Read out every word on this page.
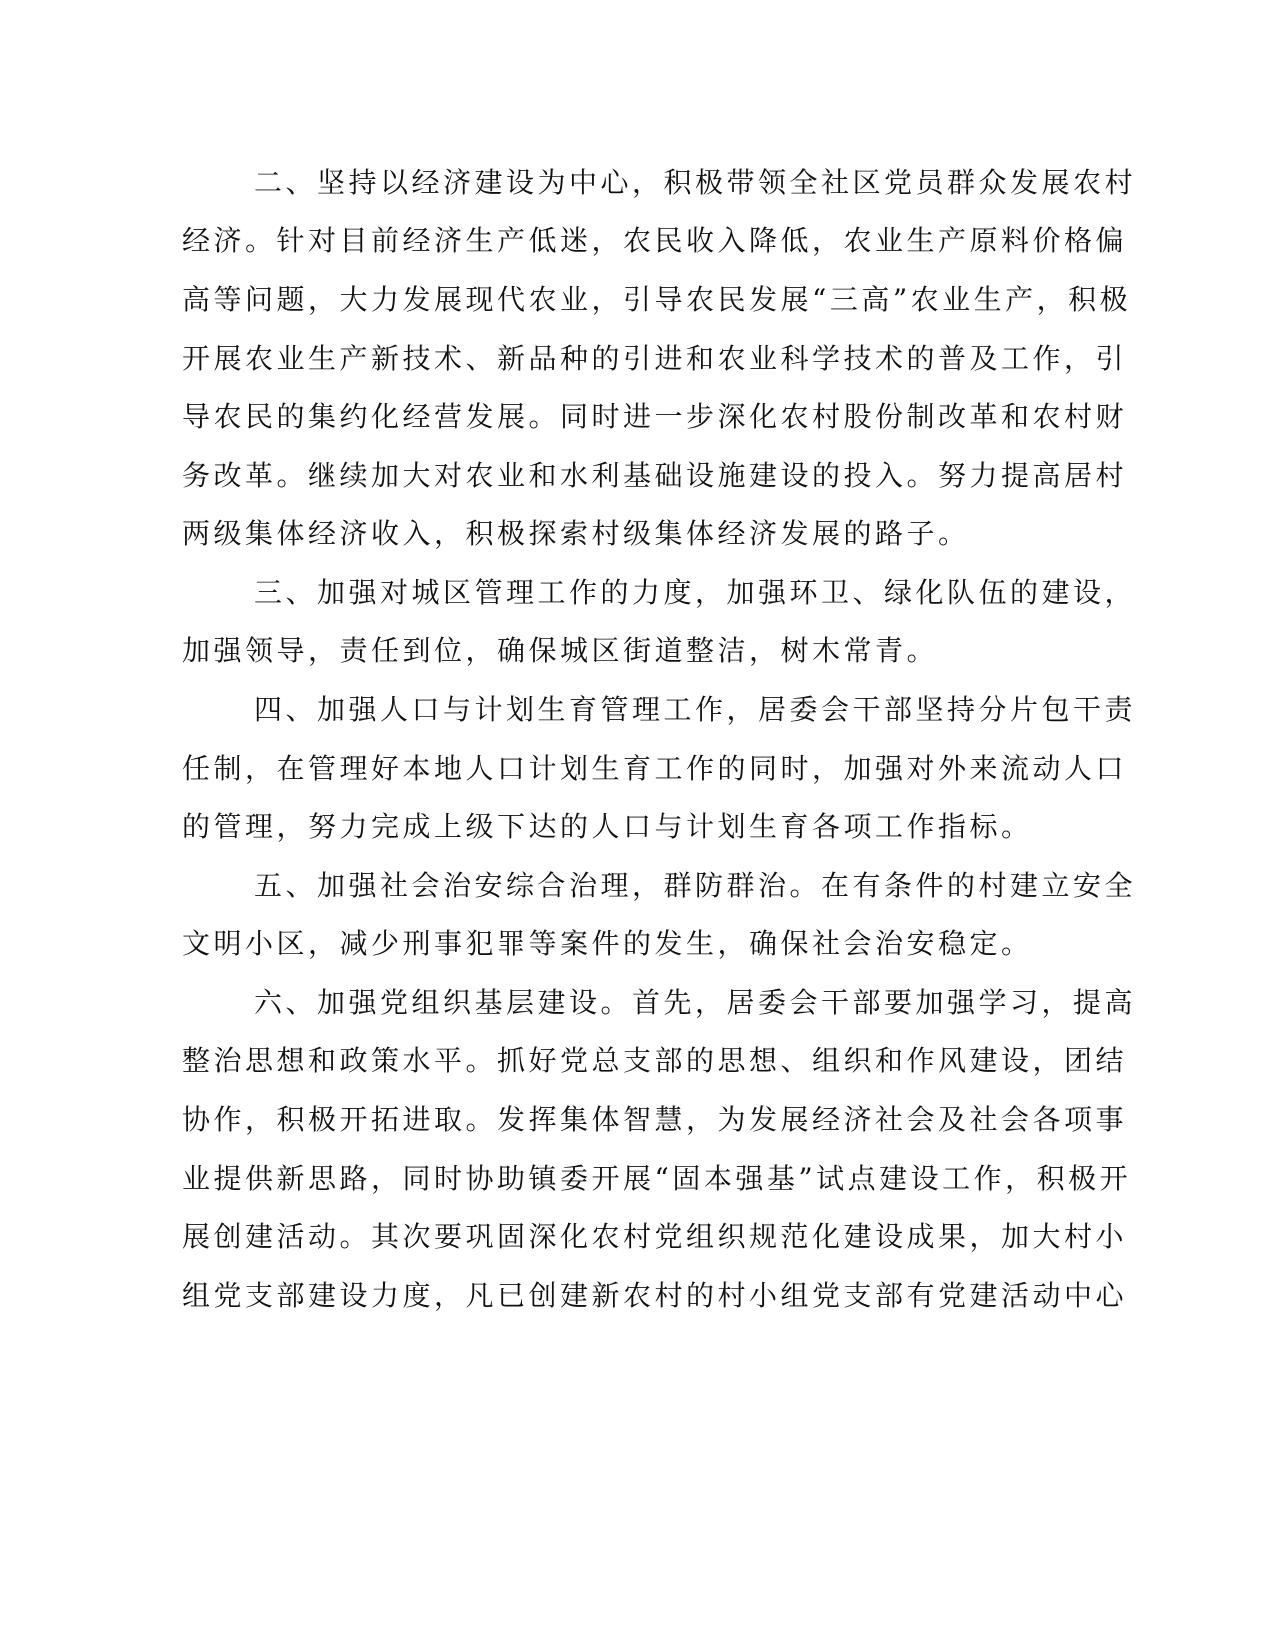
二、坚持以经济建设为中心，积极带领全社区党员群众发展农村
经济。针对目前经济生产低迷，农民收入降低，农业生产原料价格偏
高等问题，大力发展现代农业，引导农民发展“三高”农业生产，积极
开展农业生产新技术、新品种的引进和农业科学技术的普及工作，引
导农民的集约化经营发展。同时进一步深化农村股份制改革和农村财
务改革。继续加大对农业和水利基础设施建设的投入。努力提高居村
两级集体经济收入，积极探索村级集体经济发展的路子。
三、加强对城区管理工作的力度，加强环卫、绿化队伍的建设，
加强领导，责任到位，确保城区街道整洁，树木常青。
四、加强人口与计划生育管理工作，居委会干部坚持分片包干责
任制，在管理好本地人口计划生育工作的同时，加强对外来流动人口
的管理，努力完成上级下达的人口与计划生育各项工作指标。
五、加强社会治安综合治理，群防群治。在有条件的村建立安全
文明小区，减少刑事犯罪等案件的发生，确保社会治安稳定。
六、加强党组织基层建设。首先，居委会干部要加强学习，提高
整治思想和政策水平。抓好党总支部的思想、组织和作风建设，团结
协作，积极开拓进取。发挥集体智慧，为发展经济社会及社会各项事
业提供新思路，同时协助镇委开展“固本强基”试点建设工作，积极开
展创建活动。其次要巩固深化农村党组织规范化建设成果，加大村小
组党支部建设力度，凡已创建新农村的村小组党支部有党建活动中心
